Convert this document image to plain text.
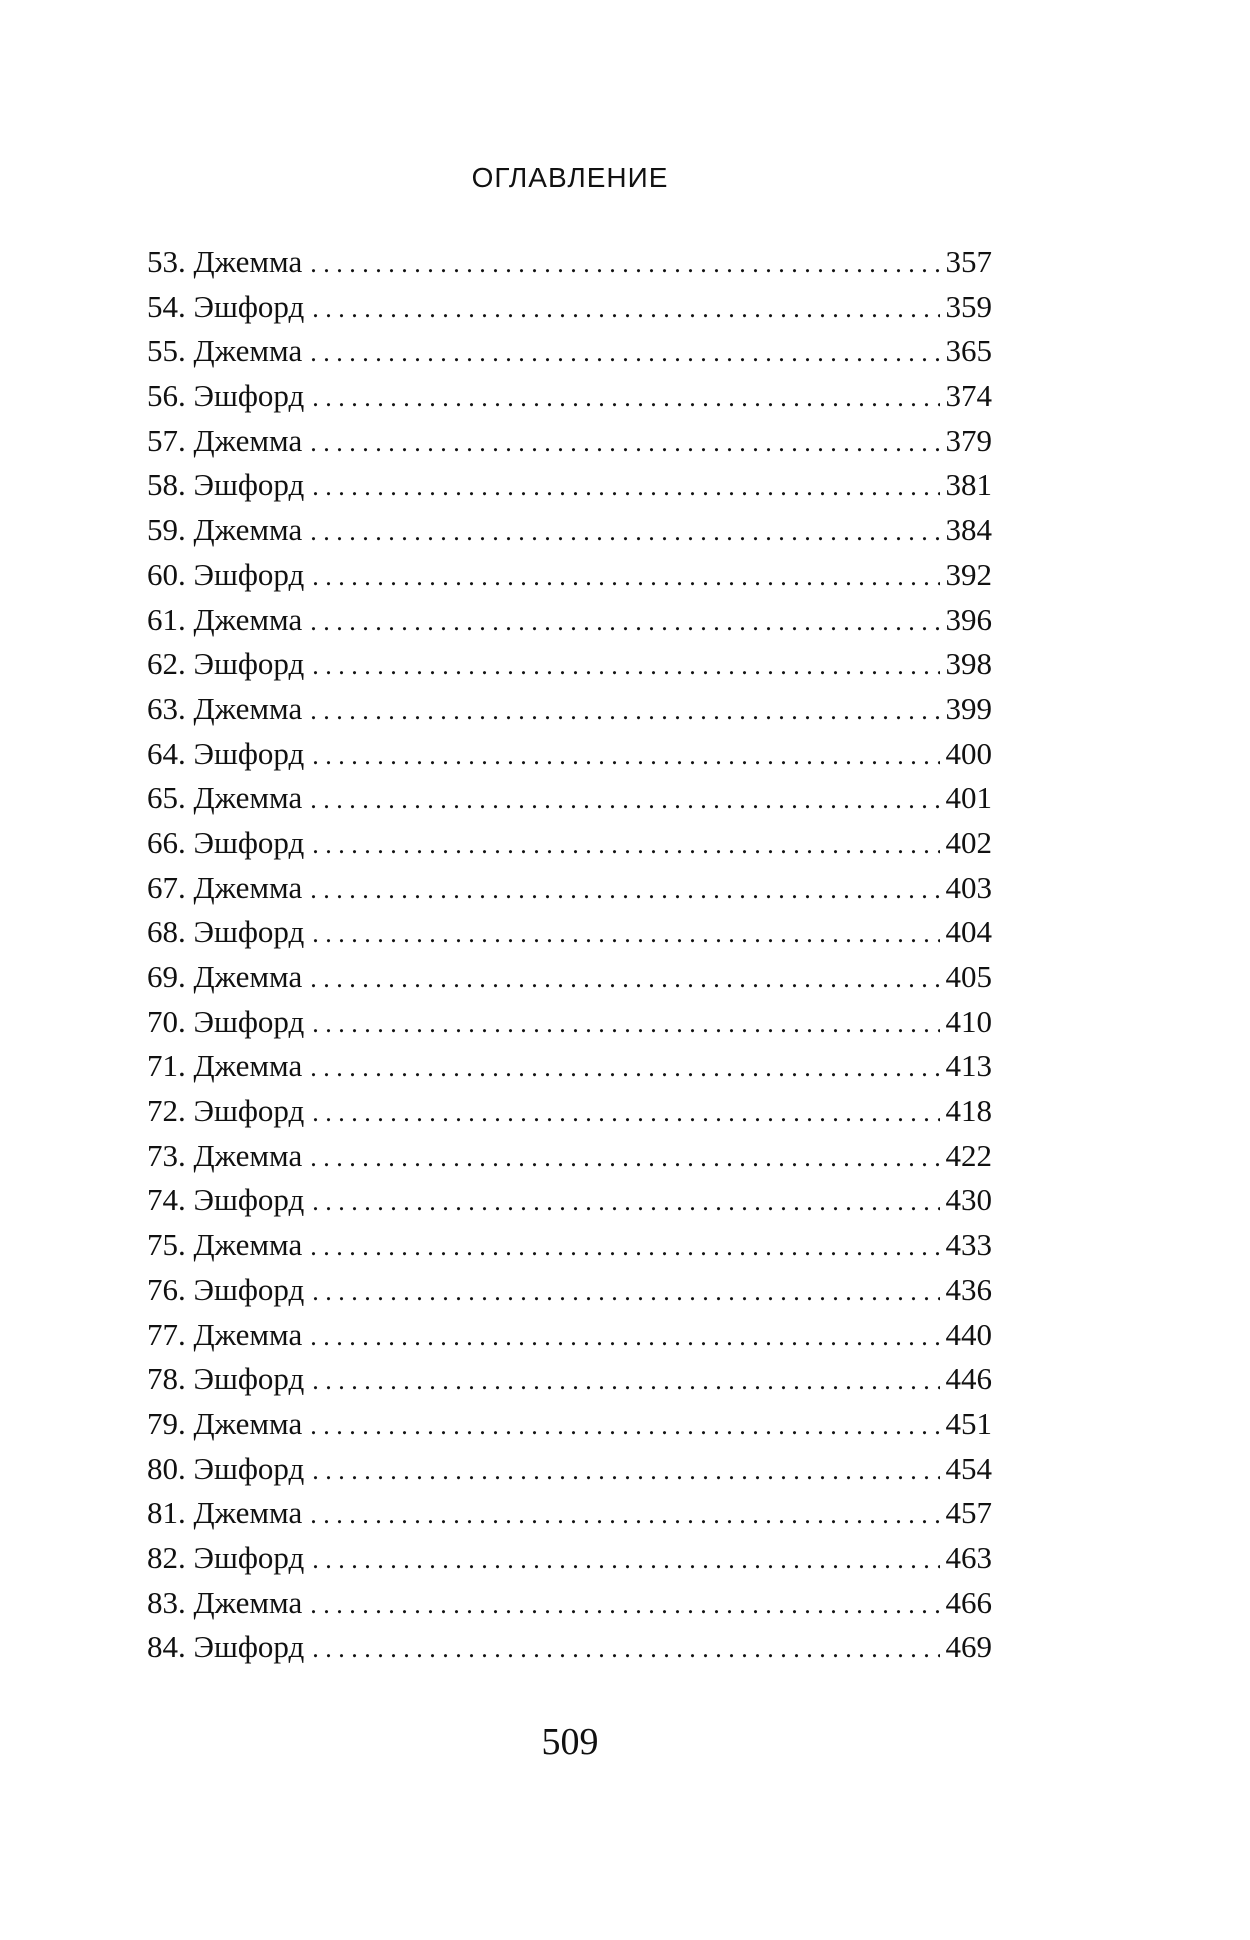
ОГЛАВЛЕНИЕ
53. Джемма . . .	357
54. Эшфорд . . .	359
55. Джемма . . .	365
56. Эшфорд . . .	374
57. Джемма . . .	379
58. Эшфорд . . .	381
59. Джемма . . .	384
60. Эшфорд . . .	392
61. Джемма . . .	396
62. Эшфорд . . .	398
63. Джемма . . .	399
64. Эшфорд . . .	400
65. Джемма . . .	401
66. Эшфорд . . .	402
67. Джемма . . .	403
68. Эшфорд . . .	404
69. Джемма . . .	405
70. Эшфорд . . .	410
71. Джемма . . .	413
72. Эшфорд . . .	418
73. Джемма . . .	422
74. Эшфорд . . .	430
75. Джемма . . .	433
76. Эшфорд . . .	436
77. Джемма . . .	440
78. Эшфорд . . .	446
79. Джемма . . .	451
80. Эшфорд . . .	454
81. Джемма . . .	457
82. Эшфорд . . .	463
83. Джемма . . .	466
84. Эшфорд . . .	469
509
